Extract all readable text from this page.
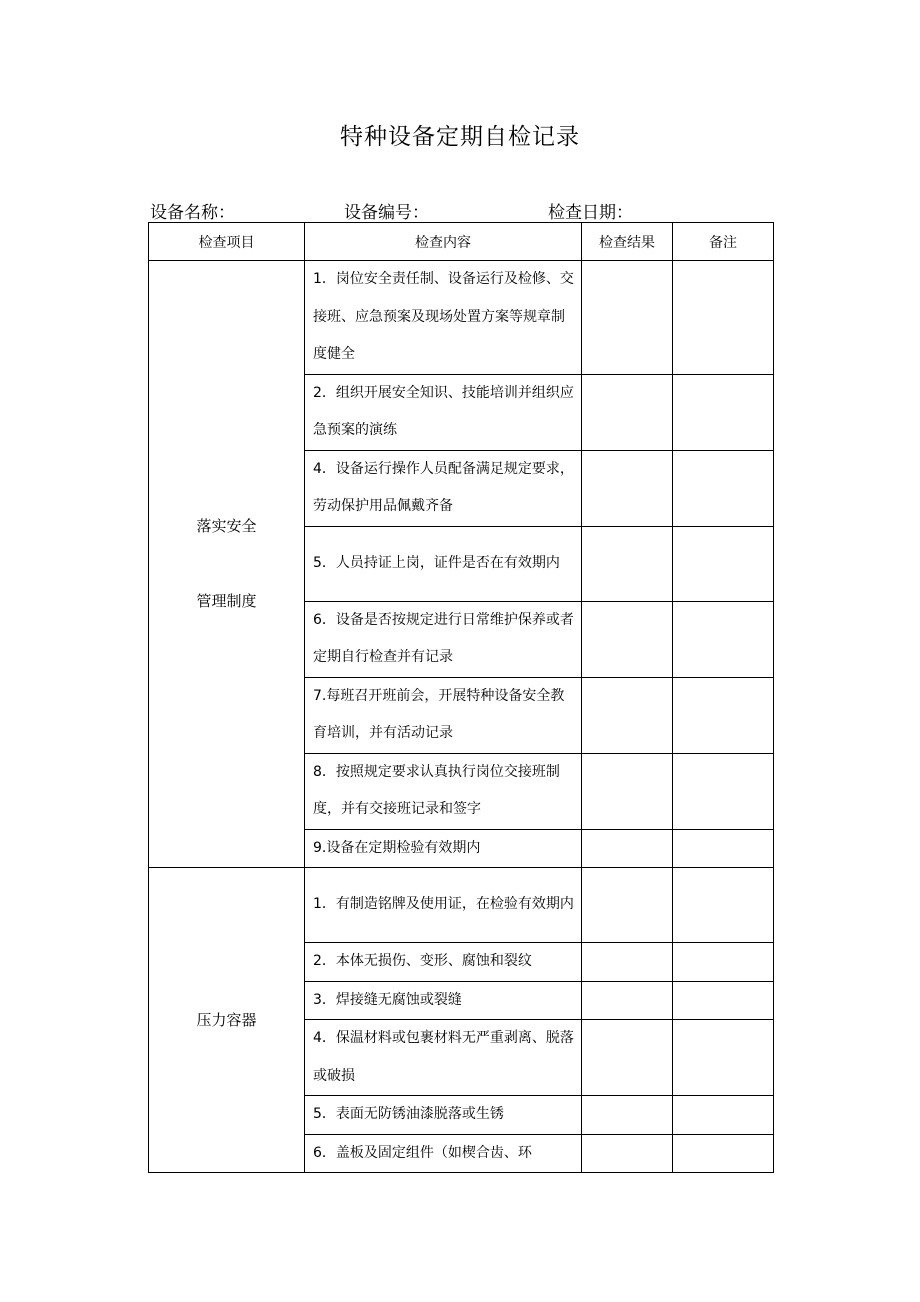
特种设备定期自检记录
设备名称：	设备编号：	检查日期：
检查项目	检查内容	检查结果	备注

落实安全
管理制度	1．岗位安全责任制、设备运行及检修、交接班、应急预案及现场处置方案等规章制度健全		
	2．组织开展安全知识、技能培训并组织应急预案的演练		
	4．设备运行操作人员配备满足规定要求，劳动保护用品佩戴齐备		
	5．人员持证上岗，证件是否在有效期内		
	6．设备是否按规定进行日常维护保养或者定期自行检查并有记录		
	7.每班召开班前会，开展特种设备安全教育培训，并有活动记录		
	8．按照规定要求认真执行岗位交接班制度，并有交接班记录和签字		
	9.设备在定期检验有效期内		
压力容器	1．有制造铭牌及使用证，在检验有效期内		
	2．本体无损伤、变形、腐蚀和裂纹		
	3．焊接缝无腐蚀或裂缝		
	4．保温材料或包裹材料无严重剥离、脱落或破损		
	5．表面无防锈油漆脱落或生锈		
	6．盖板及固定组件（如楔合齿、环		
